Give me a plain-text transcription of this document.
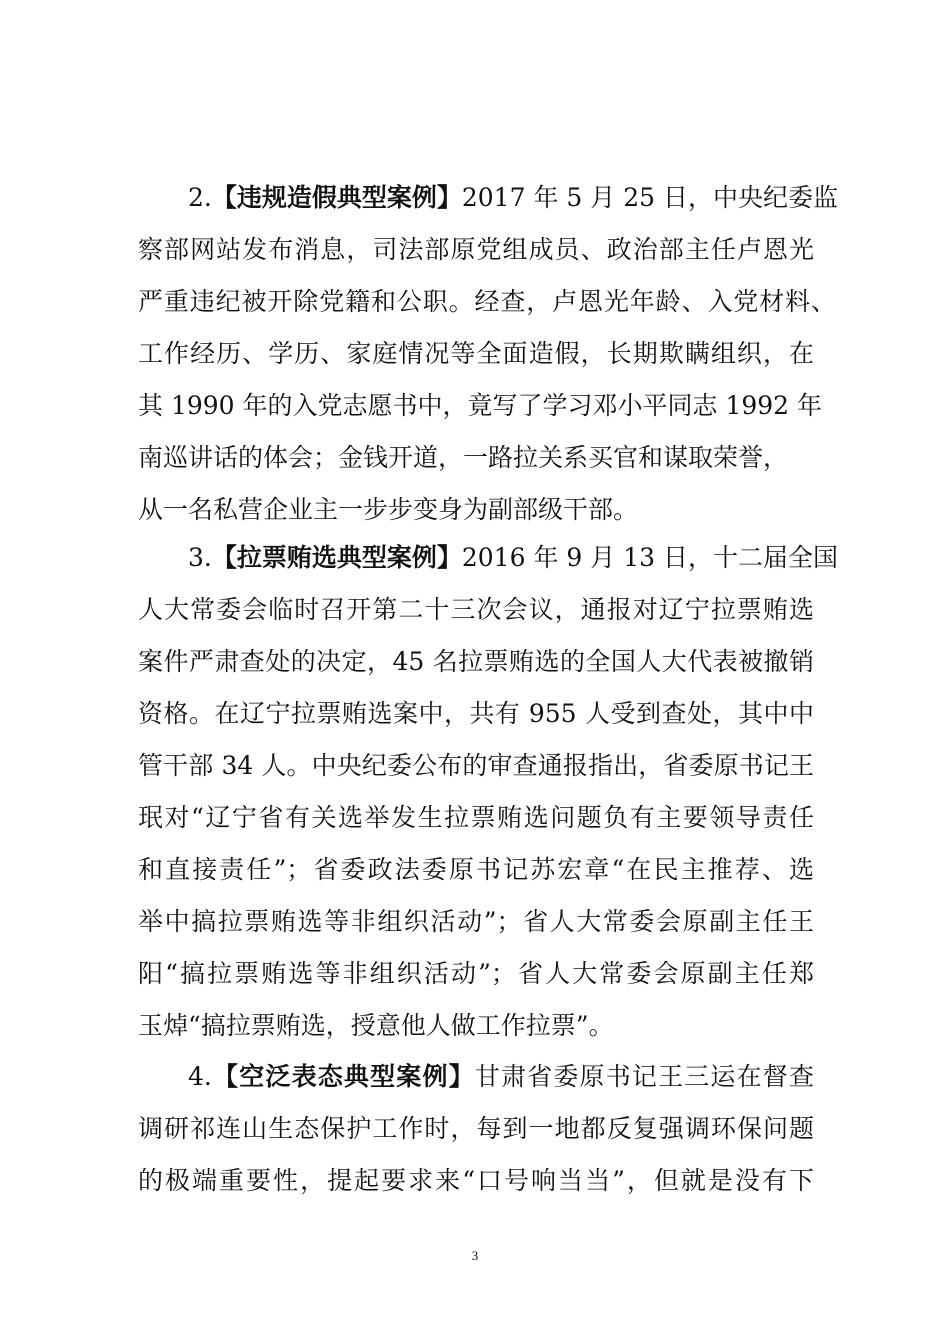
2.【违规造假典型案例】2017 年 5 月 25 日，中央纪委监
察部网站发布消息，司法部原党组成员、政治部主任卢恩光
严重违纪被开除党籍和公职。经查，卢恩光年龄、入党材料、
工作经历、学历、家庭情况等全面造假，长期欺瞒组织，在
其 1990 年的入党志愿书中，竟写了学习邓小平同志 1992 年
南巡讲话的体会；金钱开道，一路拉关系买官和谋取荣誉，
从一名私营企业主一步步变身为副部级干部。
3.【拉票贿选典型案例】2016 年 9 月 13 日，十二届全国
人大常委会临时召开第二十三次会议，通报对辽宁拉票贿选
案件严肃查处的决定，45 名拉票贿选的全国人大代表被撤销
资格。在辽宁拉票贿选案中，共有 955 人受到查处，其中中
管干部 34 人。中央纪委公布的审查通报指出，省委原书记王
珉对“辽宁省有关选举发生拉票贿选问题负有主要领导责任
和直接责任”；省委政法委原书记苏宏章“在民主推荐、选
举中搞拉票贿选等非组织活动”；省人大常委会原副主任王
阳“搞拉票贿选等非组织活动”；省人大常委会原副主任郑
玉焯“搞拉票贿选，授意他人做工作拉票”。
4.【空泛表态典型案例】甘肃省委原书记王三运在督查
调研祁连山生态保护工作时，每到一地都反复强调环保问题
的极端重要性，提起要求来“口号响当当”，但就是没有下
3
